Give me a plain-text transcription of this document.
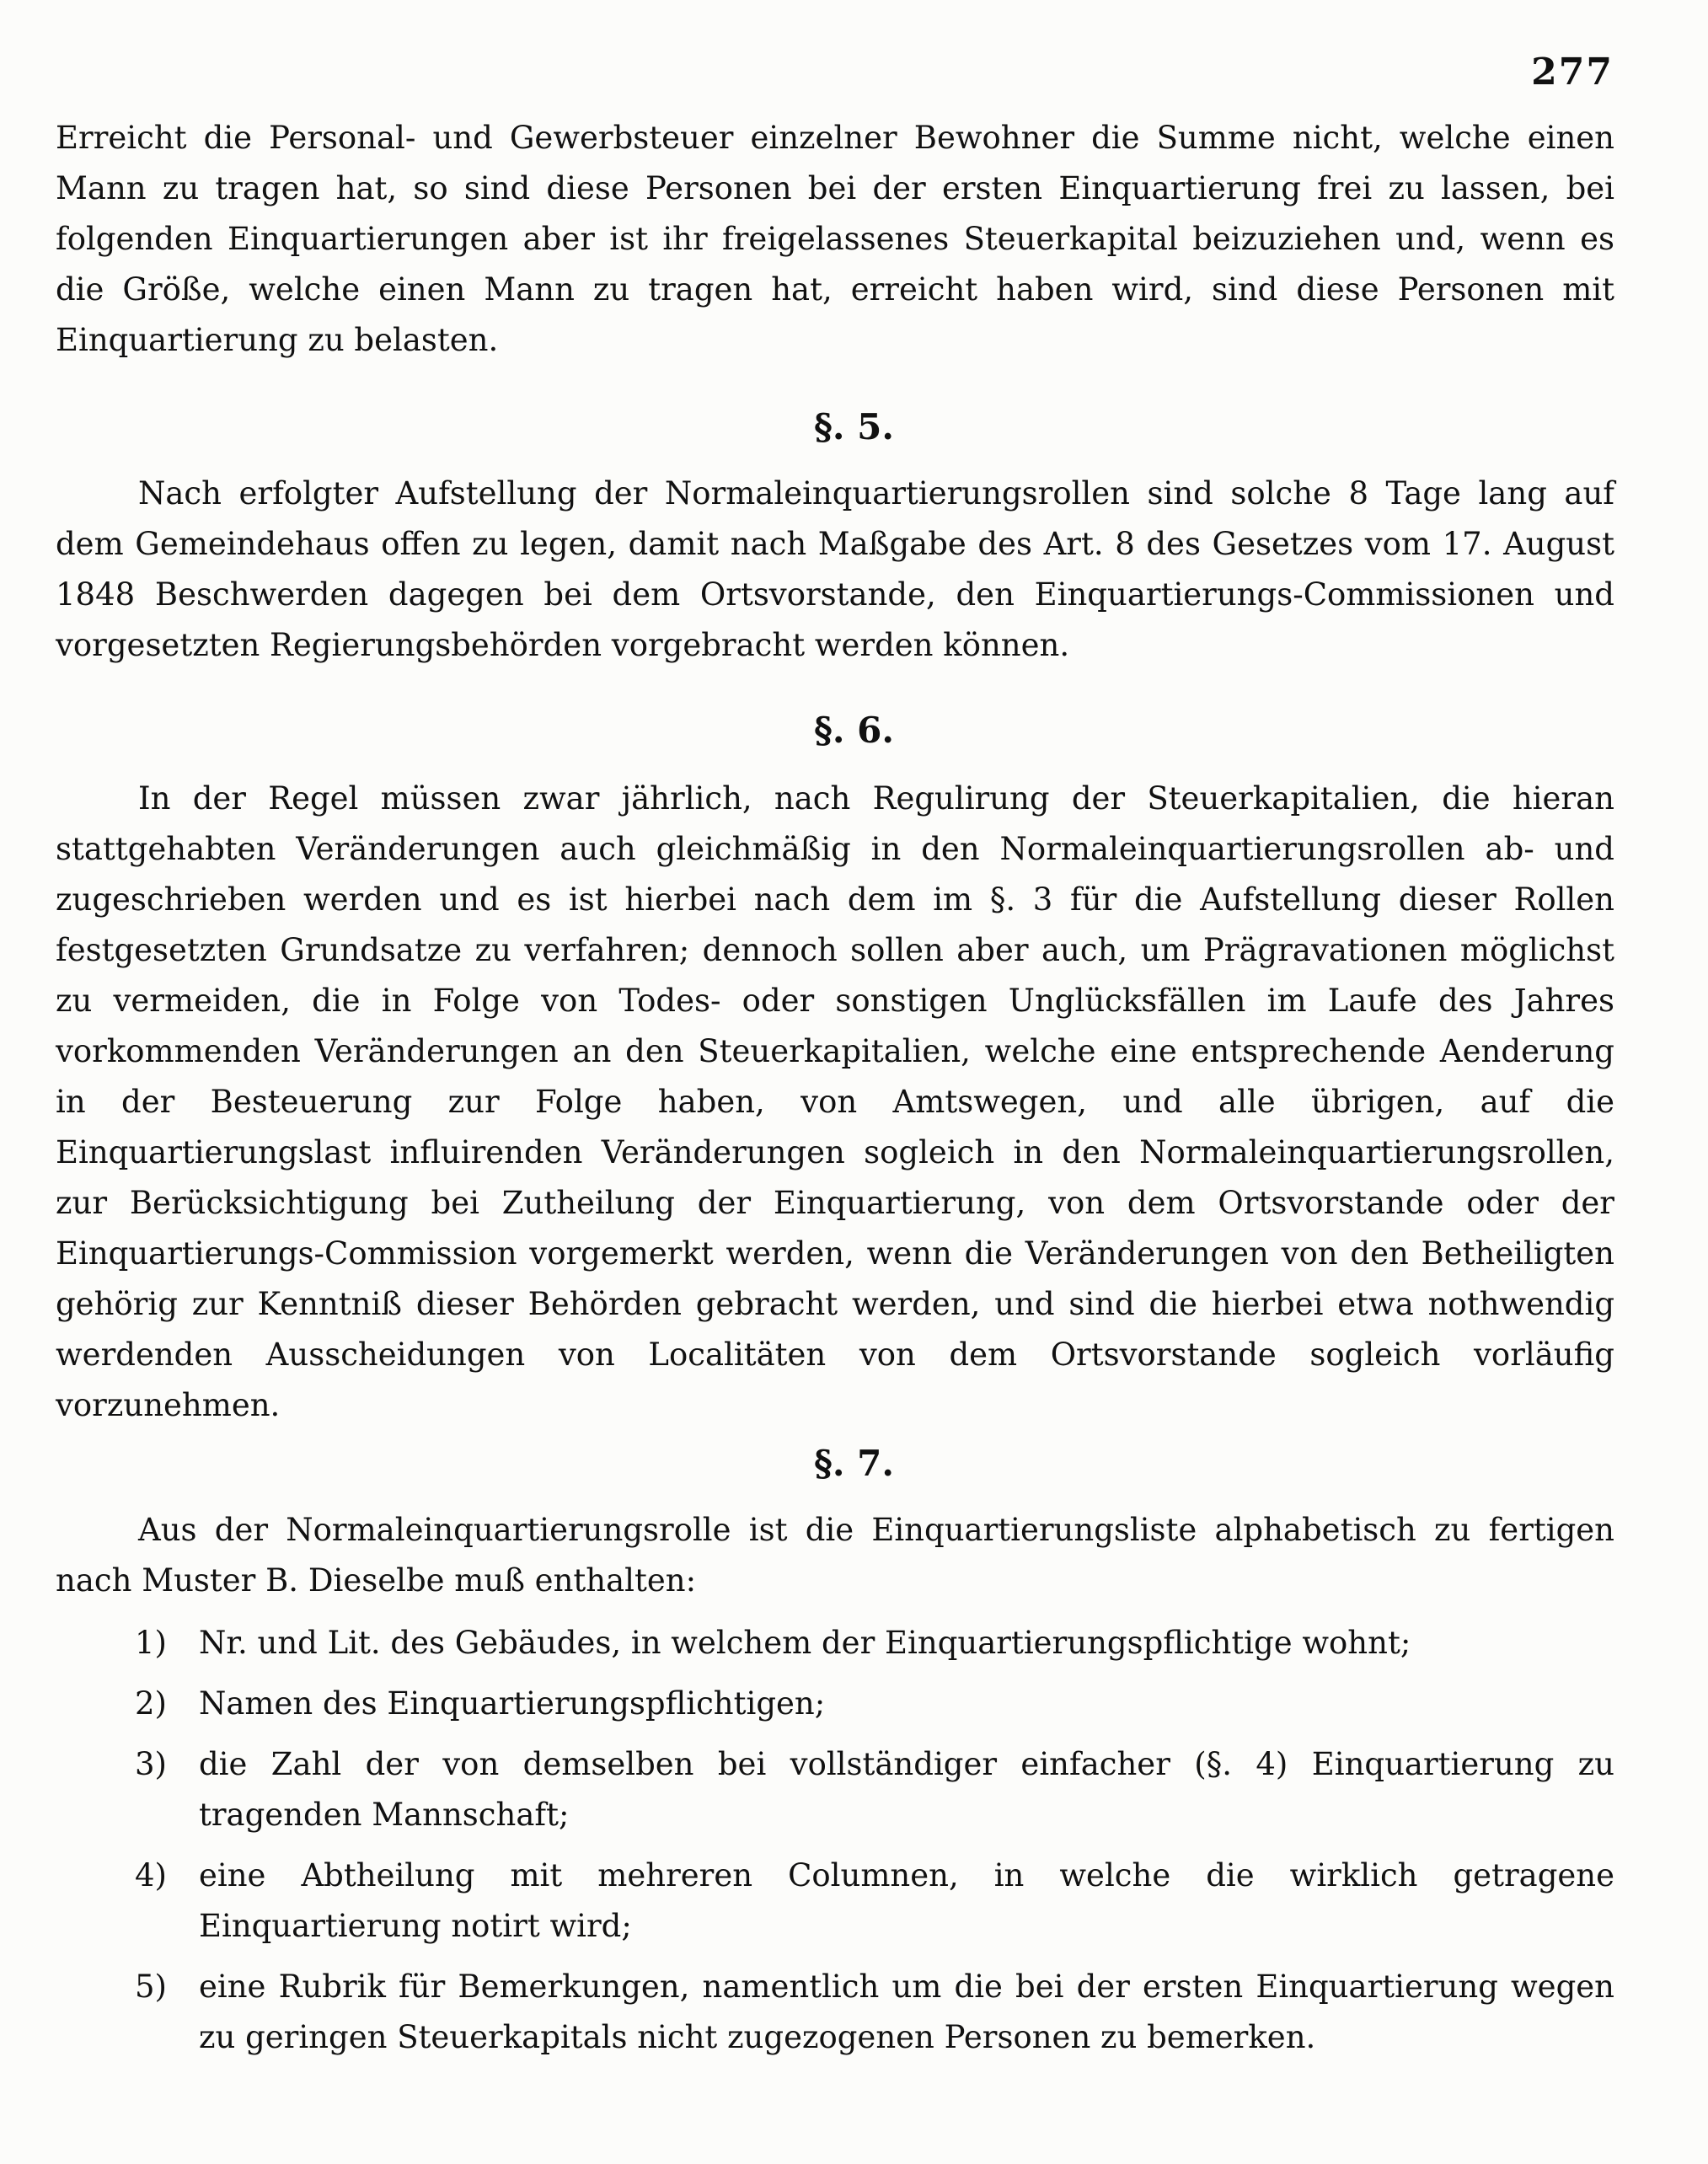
277

Erreicht die Personal- und Gewerbsteuer einzelner Bewohner die Summe nicht, welche einen Mann zu tragen hat, so sind diese Personen bei der ersten Einquartierung frei zu lassen, bei folgenden Einquartierungen aber ist ihr freigelassenes Steuerkapital beizuziehen und, wenn es die Größe, welche einen Mann zu tragen hat, erreicht haben wird, sind diese Personen mit Einquartierung zu belasten.

§. 5.

Nach erfolgter Aufstellung der Normaleinquartierungsrollen sind solche 8 Tage lang auf dem Gemeindehaus offen zu legen, damit nach Maßgabe des Art. 8 des Gesetzes vom 17. August 1848 Beschwerden dagegen bei dem Ortsvorstande, den Einquartierungs-Commissionen und vorgesetzten Regierungsbehörden vorgebracht werden können.

§. 6.

In der Regel müssen zwar jährlich, nach Regulirung der Steuerkapitalien, die hieran stattgehabten Veränderungen auch gleichmäßig in den Normaleinquartierungsrollen ab- und zugeschrieben werden und es ist hierbei nach dem im §. 3 für die Aufstellung dieser Rollen festgesetzten Grundsatze zu verfahren; dennoch sollen aber auch, um Prägravationen möglichst zu vermeiden, die in Folge von Todes- oder sonstigen Unglücksfällen im Laufe des Jahres vorkommenden Veränderungen an den Steuerkapitalien, welche eine entsprechende Aenderung in der Besteuerung zur Folge haben, von Amtswegen, und alle übrigen, auf die Einquartierungslast influirenden Veränderungen sogleich in den Normaleinquartierungsrollen, zur Berücksichtigung bei Zutheilung der Einquartierung, von dem Ortsvorstande oder der Einquartierungs-Commission vorgemerkt werden, wenn die Veränderungen von den Betheiligten gehörig zur Kenntniß dieser Behörden gebracht werden, und sind die hierbei etwa nothwendig werdenden Ausscheidungen von Localitäten von dem Ortsvorstande sogleich vorläufig vorzunehmen.

§. 7.

Aus der Normaleinquartierungsrolle ist die Einquartierungsliste alphabetisch zu fertigen nach Muster B. Dieselbe muß enthalten:

1)	Nr. und Lit. des Gebäudes, in welchem der Einquartierungspflichtige wohnt;
2)	Namen des Einquartierungspflichtigen;
3)	die Zahl der von demselben bei vollständiger einfacher (§. 4) Einquartierung zu tragenden Mannschaft;
4)	eine Abtheilung mit mehreren Columnen, in welche die wirklich getragene Einquartierung notirt wird;
5)	eine Rubrik für Bemerkungen, namentlich um die bei der ersten Einquartierung wegen zu geringen Steuerkapitals nicht zugezogenen Personen zu bemerken.
